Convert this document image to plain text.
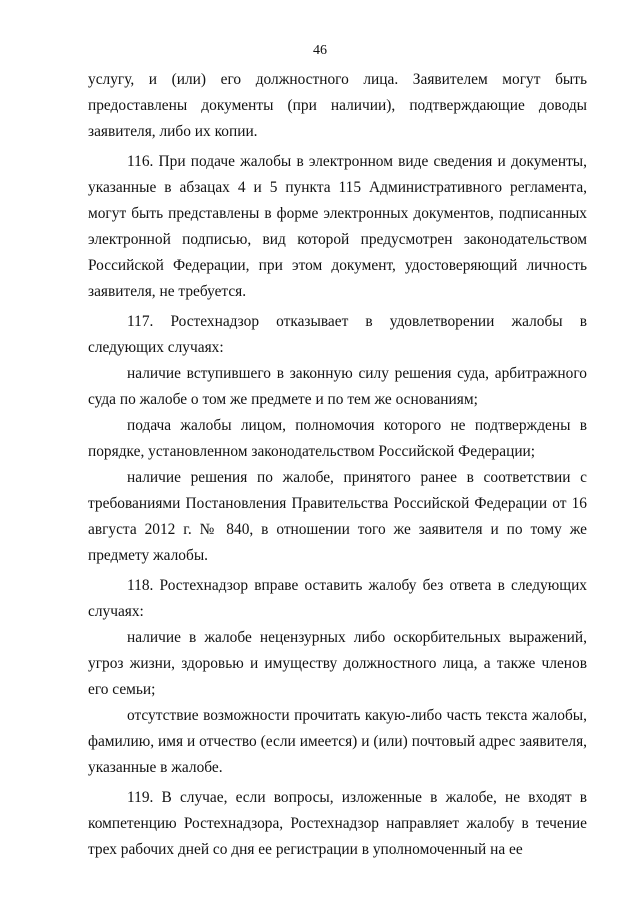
46

услугу, и (или) его должностного лица. Заявителем могут быть предоставлены документы (при наличии), подтверждающие доводы заявителя, либо их копии.

116. При подаче жалобы в электронном виде сведения и документы, указанные в абзацах 4 и 5 пункта 115 Административного регламента, могут быть представлены в форме электронных документов, подписанных электронной подписью, вид которой предусмотрен законодательством Российской Федерации, при этом документ, удостоверяющий личность заявителя, не требуется.

117. Ростехнадзор отказывает в удовлетворении жалобы в следующих случаях:

наличие вступившего в законную силу решения суда, арбитражного суда по жалобе о том же предмете и по тем же основаниям;

подача жалобы лицом, полномочия которого не подтверждены в порядке, установленном законодательством Российской Федерации;

наличие решения по жалобе, принятого ранее в соответствии с требованиями Постановления Правительства Российской Федерации от 16 августа 2012 г. № 840, в отношении того же заявителя и по тому же предмету жалобы.

118. Ростехнадзор вправе оставить жалобу без ответа в следующих случаях:

наличие в жалобе нецензурных либо оскорбительных выражений, угроз жизни, здоровью и имуществу должностного лица, а также членов его семьи;

отсутствие возможности прочитать какую-либо часть текста жалобы, фамилию, имя и отчество (если имеется) и (или) почтовый адрес заявителя, указанные в жалобе.

119. В случае, если вопросы, изложенные в жалобе, не входят в компетенцию Ростехнадзора, Ростехнадзор направляет жалобу в течение трех рабочих дней со дня ее регистрации в уполномоченный на ее
